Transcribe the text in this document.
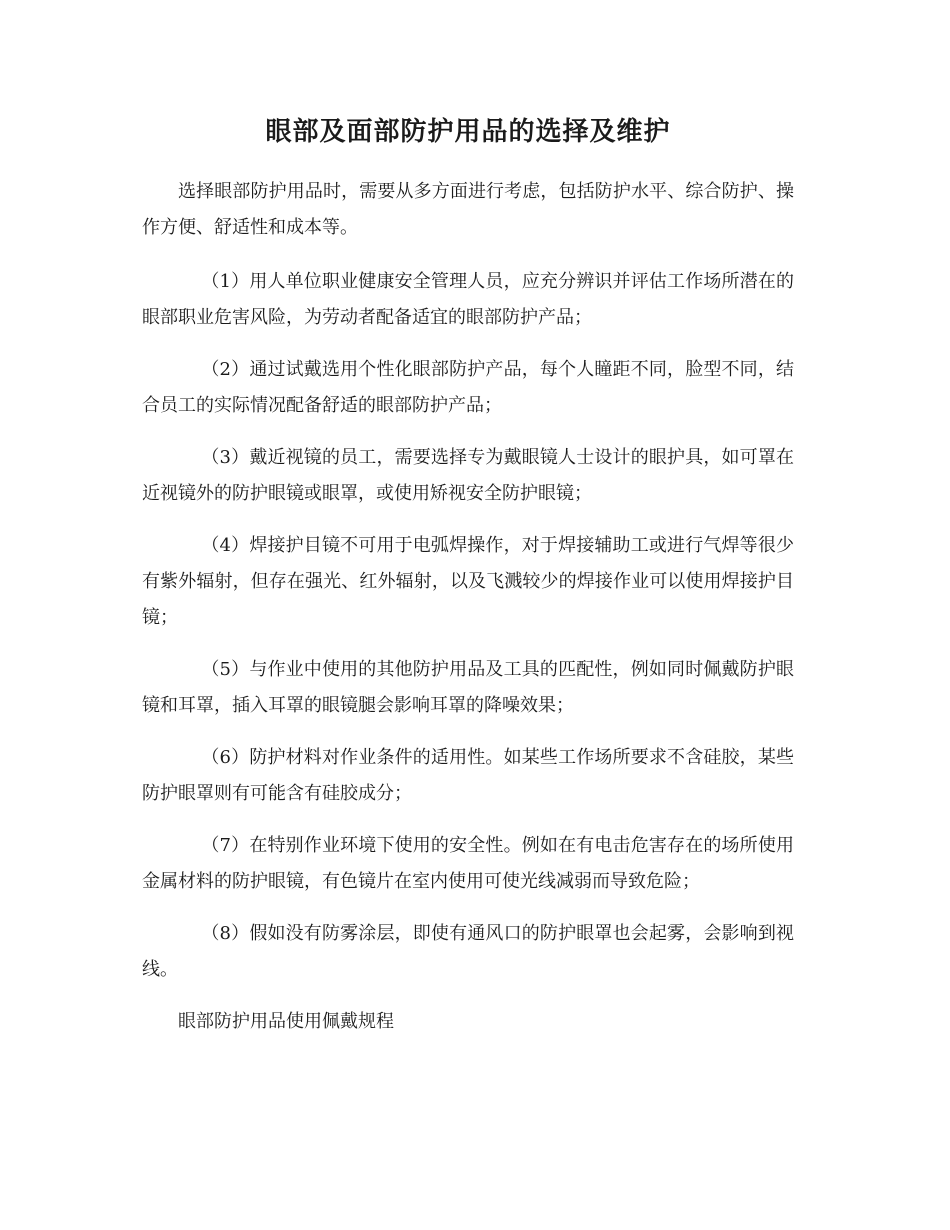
眼部及面部防护用品的选择及维护

选择眼部防护用品时，需要从多方面进行考虑，包括防护水平、综合防护、操作方便、舒适性和成本等。

（1）用人单位职业健康安全管理人员，应充分辨识并评估工作场所潜在的眼部职业危害风险，为劳动者配备适宜的眼部防护产品；

（2）通过试戴选用个性化眼部防护产品，每个人瞳距不同，脸型不同，结合员工的实际情况配备舒适的眼部防护产品；

（3）戴近视镜的员工，需要选择专为戴眼镜人士设计的眼护具，如可罩在近视镜外的防护眼镜或眼罩，或使用矫视安全防护眼镜；

（4）焊接护目镜不可用于电弧焊操作，对于焊接辅助工或进行气焊等很少有紫外辐射，但存在强光、红外辐射，以及飞溅较少的焊接作业可以使用焊接护目镜；

（5）与作业中使用的其他防护用品及工具的匹配性，例如同时佩戴防护眼镜和耳罩，插入耳罩的眼镜腿会影响耳罩的降噪效果；

（6）防护材料对作业条件的适用性。如某些工作场所要求不含硅胶，某些防护眼罩则有可能含有硅胶成分；

（7）在特别作业环境下使用的安全性。例如在有电击危害存在的场所使用金属材料的防护眼镜，有色镜片在室内使用可使光线减弱而导致危险；

（8）假如没有防雾涂层，即使有通风口的防护眼罩也会起雾，会影响到视线。

眼部防护用品使用佩戴规程
